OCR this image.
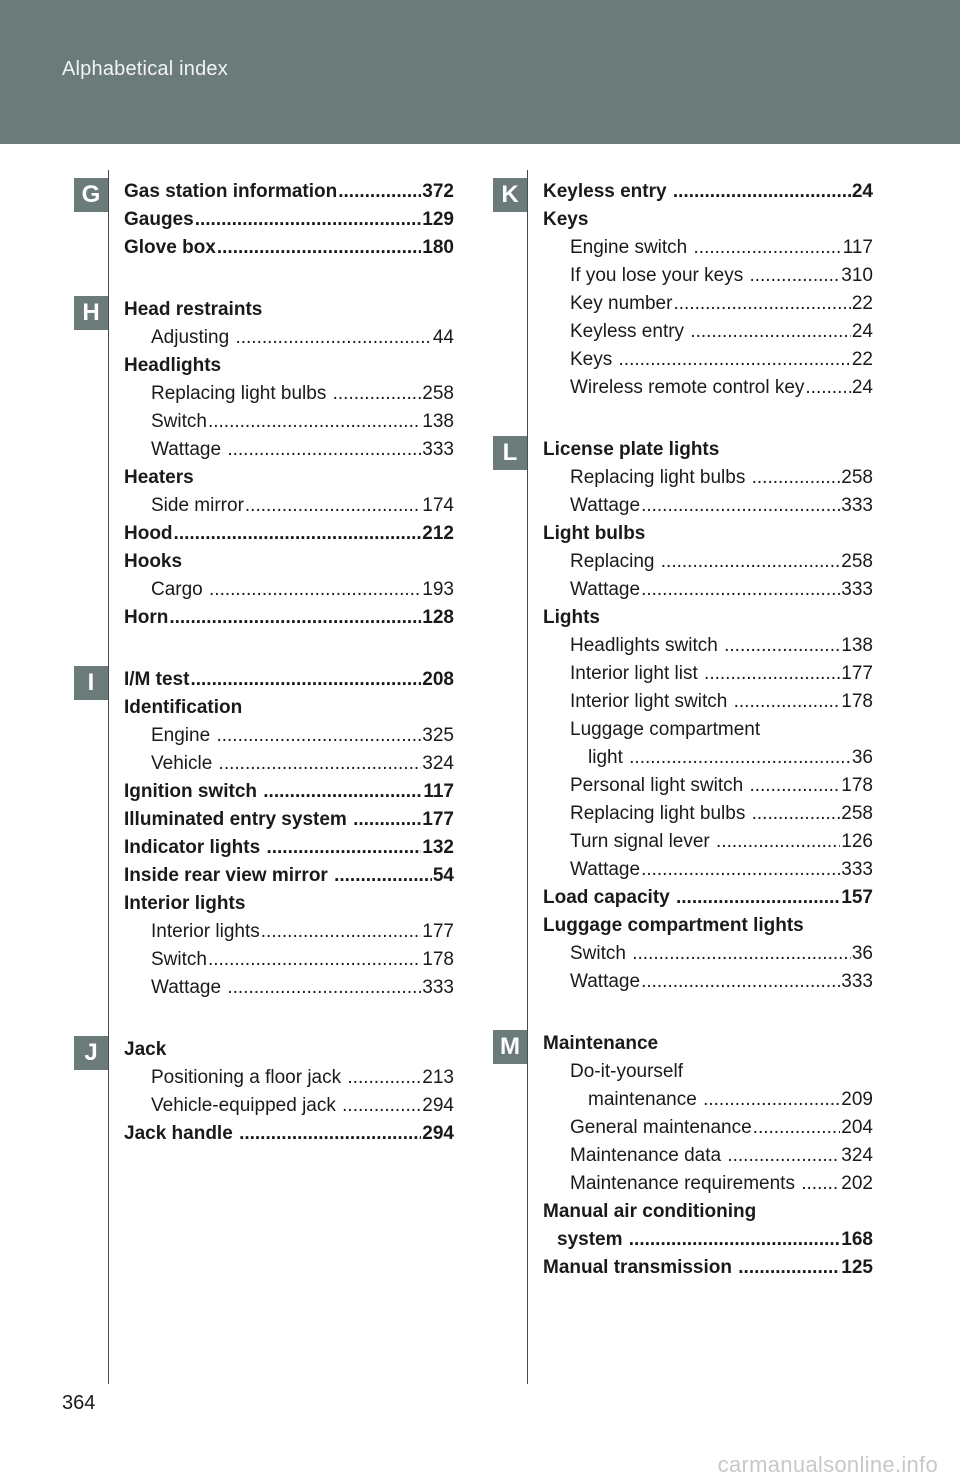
Alphabetical index
G	Gas station information .....	372
Gauges .....	129
Glove box .....	180
H	Head restraints
Adjusting .....	44
Headlights
Replacing light bulbs .....	258
Switch .....	138
Wattage .....	333
Heaters
Side mirror .....	174
Hood .....	212
Hooks
Cargo .....	193
Horn .....	128
I	I/M test .....	208
Identification
Engine .....	325
Vehicle .....	324
Ignition switch .....	117
Illuminated entry system .....	177
Indicator lights .....	132
Inside rear view mirror .....	54
Interior lights
Interior lights .....	177
Switch .....	178
Wattage .....	333
J	Jack
Positioning a floor jack .....	213
Vehicle-equipped jack .....	294
Jack handle .....	294
K	Keyless entry .....	24
Keys
Engine switch .....	117
If you lose your keys .....	310
Key number .....	22
Keyless entry .....	24
Keys .....	22
Wireless remote control key ..... 24
L	License plate lights
Replacing light bulbs .....	258
Wattage .....	333
Light bulbs
Replacing .....	258
Wattage .....	333
Lights
Headlights switch .....	138
Interior light list .....	177
Interior light switch .....	178
Luggage compartment
light .....	36
Personal light switch .....	178
Replacing light bulbs .....	258
Turn signal lever .....	126
Wattage .....	333
Load capacity .....	157
Luggage compartment lights
Switch .....	36
Wattage .....	333
M	Maintenance
Do-it-yourself
maintenance .....	209
General maintenance .....	204
Maintenance data .....	324
Maintenance requirements ..... 202
Manual air conditioning
system .....	168
Manual transmission .....	125
364
carmanualsonline.info
